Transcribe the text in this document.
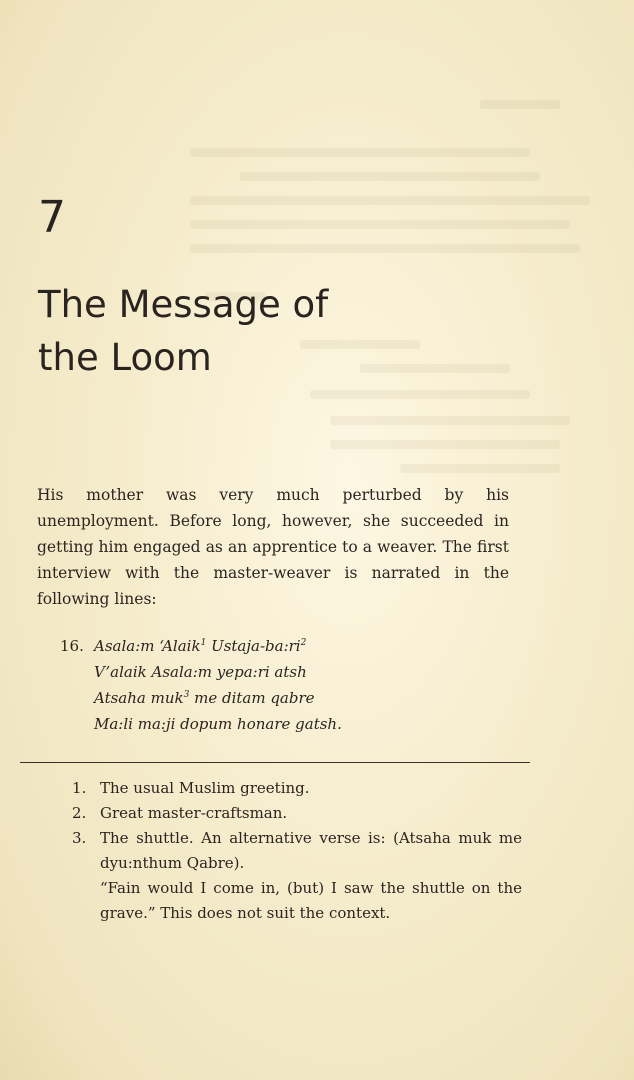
7
The Message of
the Loom
His mother was very much perturbed by his unemployment. Before long, however, she succeeded in getting him engaged as an apprentice to a weaver. The first interview with the master-weaver is narrated in the following lines:
16. Asala:m ‘Alaik$^1$ Ustaja-$ba:ri^2$
V’alaik Asala:m yepa:ri atsh
Atsaha muk$^3$ me ditam qabre
Ma:li ma:ji dopum honare gatsh.
1. The usual Muslim greeting.
2. Great master-craftsman.
3. The shuttle. An alternative verse is: (Atsaha muk me dyu:nthum Qabre).

“Fain would I come in, (but) I saw the shuttle on the grave.” This does not suit the context.
